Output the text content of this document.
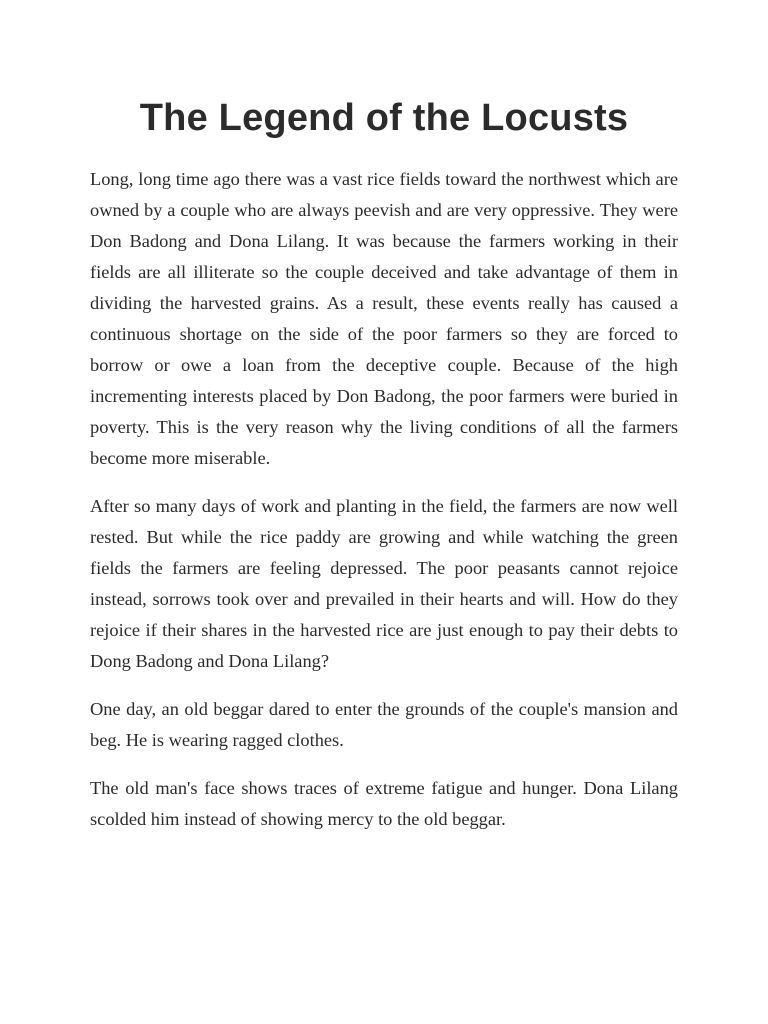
The Legend of the Locusts

Long, long time ago there was a vast rice fields toward the northwest which are owned by a couple who are always peevish and are very oppressive. They were Don Badong and Dona Lilang. It was because the farmers working in their fields are all illiterate so the couple deceived and take advantage of them in dividing the harvested grains. As a result, these events really has caused a continuous shortage on the side of the poor farmers so they are forced to borrow or owe a loan from the deceptive couple. Because of the high incrementing interests placed by Don Badong, the poor farmers were buried in poverty. This is the very reason why the living conditions of all the farmers become more miserable.

After so many days of work and planting in the field, the farmers are now well rested. But while the rice paddy are growing and while watching the green fields the farmers are feeling depressed. The poor peasants cannot rejoice instead, sorrows took over and prevailed in their hearts and will. How do they rejoice if their shares in the harvested rice are just enough to pay their debts to Dong Badong and Dona Lilang?

One day, an old beggar dared to enter the grounds of the couple's mansion and beg. He is wearing ragged clothes.

The old man's face shows traces of extreme fatigue and hunger. Dona Lilang scolded him instead of showing mercy to the old beggar.
